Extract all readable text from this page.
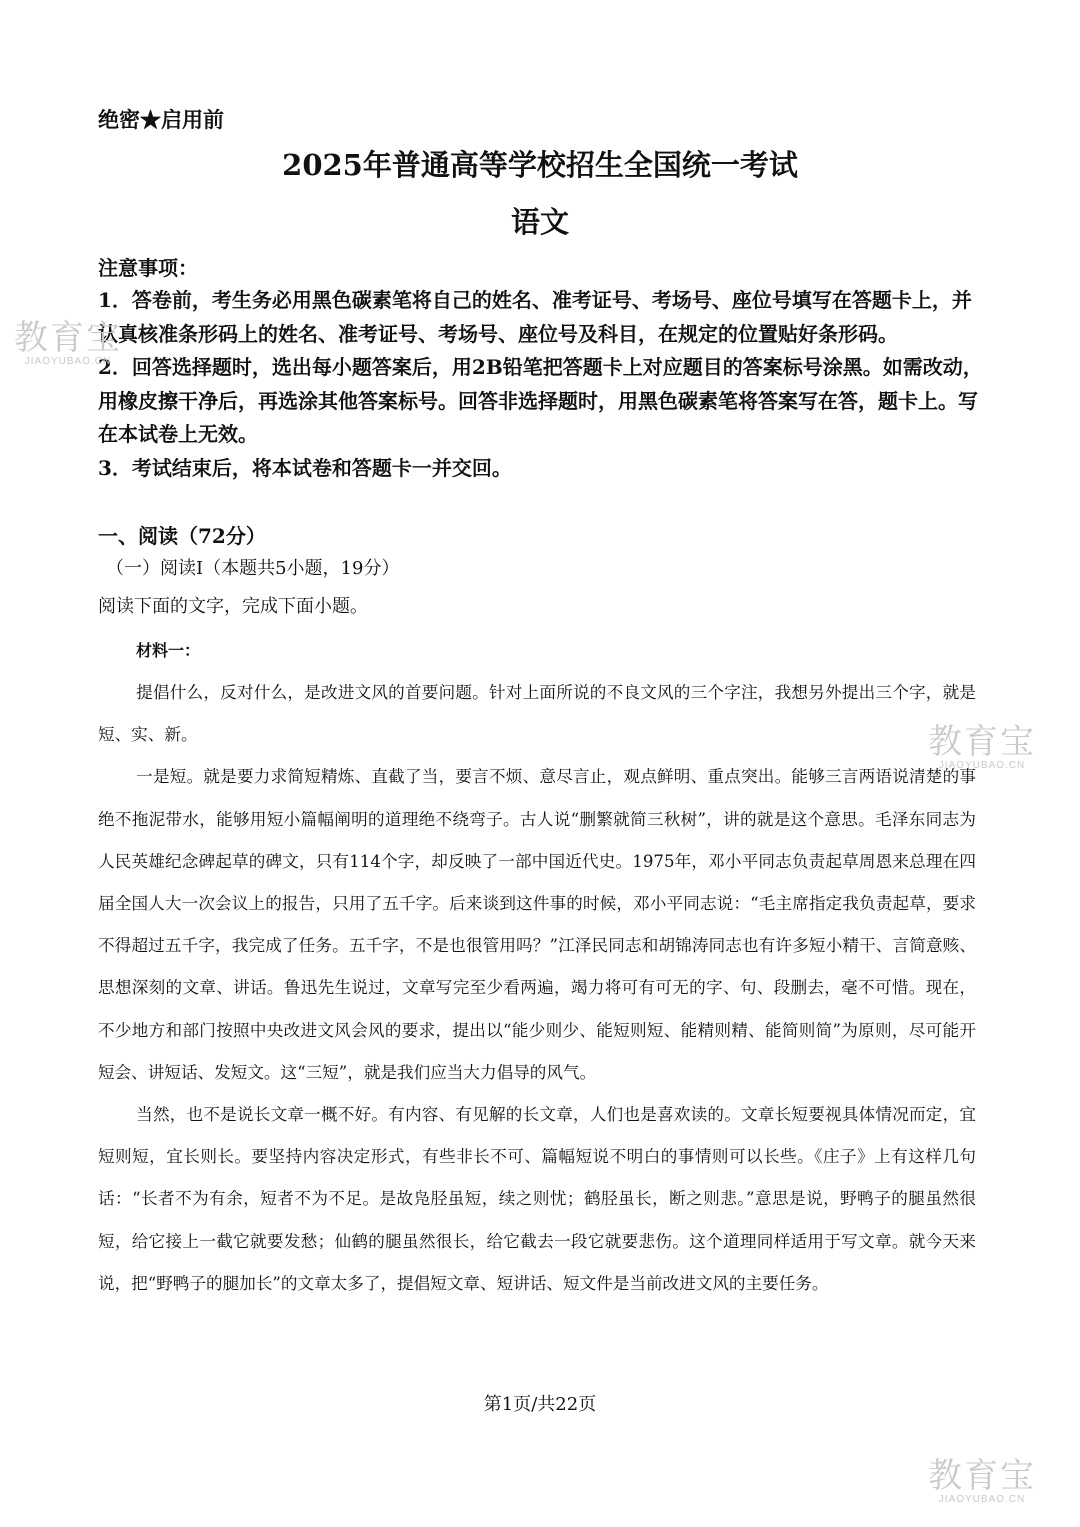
绝密★启用前
2025年普通高等学校招生全国统一考试
语文
注意事项：

1．答卷前，考生务必用黑色碳素笔将自己的姓名、准考证号、考场号、座位号填写在答题卡上，并认真核准条形码上的姓名、准考证号、考场号、座位号及科目，在规定的位置贴好条形码。

2．回答选择题时，选出每小题答案后，用2B铅笔把答题卡上对应题目的答案标号涂黑。如需改动，用橡皮擦干净后，再选涂其他答案标号。回答非选择题时，用黑色碳素笔将答案写在答，题卡上。写在本试卷上无效。

3．考试结束后，将本试卷和答题卡一并交回。

一、阅读（72分）
（一）阅读I（本题共5小题，19分）
阅读下面的文字，完成下面小题。
材料一：

提倡什么，反对什么，是改进文风的首要问题。针对上面所说的不良文风的三个字注，我想另外提出三个字，就是短、实、新。

一是短。就是要力求简短精炼、直截了当，要言不烦、意尽言止，观点鲜明、重点突出。能够三言两语说清楚的事绝不拖泥带水，能够用短小篇幅阐明的道理绝不绕弯子。古人说“删繁就简三秋树”，讲的就是这个意思。毛泽东同志为人民英雄纪念碑起草的碑文，只有114个字，却反映了一部中国近代史。1975年，邓小平同志负责起草周恩来总理在四届全国人大一次会议上的报告，只用了五千字。后来谈到这件事的时候，邓小平同志说：“毛主席指定我负责起草，要求不得超过五千字，我完成了任务。五千字，不是也很管用吗？”江泽民同志和胡锦涛同志也有许多短小精干、言简意赅、思想深刻的文章、讲话。鲁迅先生说过，文章写完至少看两遍，竭力将可有可无的字、句、段删去，毫不可惜。现在，不少地方和部门按照中央改进文风会风的要求，提出以“能少则少、能短则短、能精则精、能简则简”为原则，尽可能开短会、讲短话、发短文。这“三短”，就是我们应当大力倡导的风气。

当然，也不是说长文章一概不好。有内容、有见解的长文章，人们也是喜欢读的。文章长短要视具体情况而定，宜短则短，宜长则长。要坚持内容决定形式，有些非长不可、篇幅短说不明白的事情则可以长些。《庄子》上有这样几句话：“长者不为有余，短者不为不足。是故凫胫虽短，续之则忧；鹤胫虽长，断之则悲。”意思是说，野鸭子的腿虽然很短，给它接上一截它就要发愁；仙鹤的腿虽然很长，给它截去一段它就要悲伤。这个道理同样适用于写文章。就今天来说，把“野鸭子的腿加长”的文章太多了，提倡短文章、短讲话、短文件是当前改进文风的主要任务。

第1页/共22页
教育宝
JIAOYUBAO.CN
教育宝
JIAOYUBAO.CN
教育宝
JIAOYUBAO.CN
